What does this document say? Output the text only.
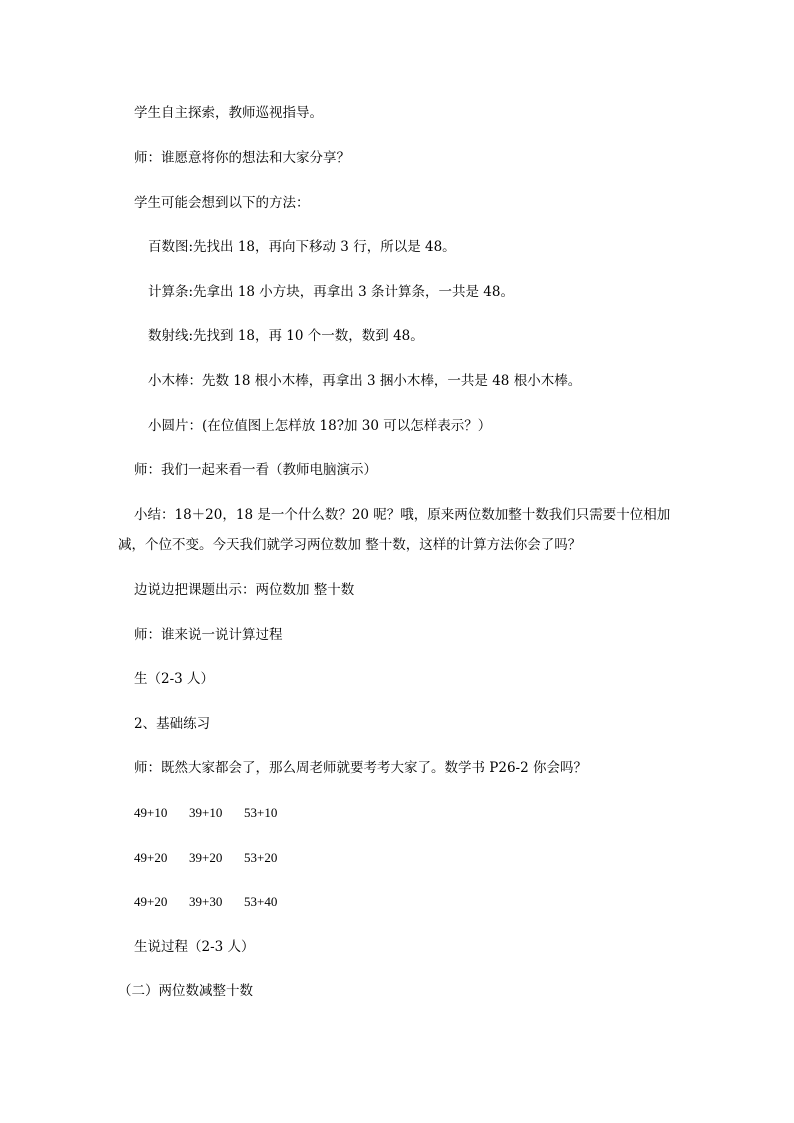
学生自主探索，教师巡视指导。
师：谁愿意将你的想法和大家分享？
学生可能会想到以下的方法：
百数图:先找出 18，再向下移动 3 行，所以是 48。
计算条:先拿出 18 小方块，再拿出 3 条计算条，一共是 48。
数射线:先找到 18，再 10 个一数，数到 48。
小木棒：先数 18 根小木棒，再拿出 3 捆小木棒，一共是 48 根小木棒。
小圆片：(在位值图上怎样放 18?加 30 可以怎样表示？）
师：我们一起来看一看（教师电脑演示）
小结：18＋20，18 是一个什么数？20 呢？哦，原来两位数加整十数我们只需要十位相加
减，个位不变。今天我们就学习两位数加 整十数，这样的计算方法你会了吗？
边说边把课题出示：两位数加 整十数
师：谁来说一说计算过程
生（2-3 人）
2、基础练习
师：既然大家都会了，那么周老师就要考考大家了。数学书 P26-2 你会吗？
49+10 39+10 53+10
49+20 39+20 53+20
49+20 39+30 53+40
生说过程（2-3 人）
（二）两位数减整十数
